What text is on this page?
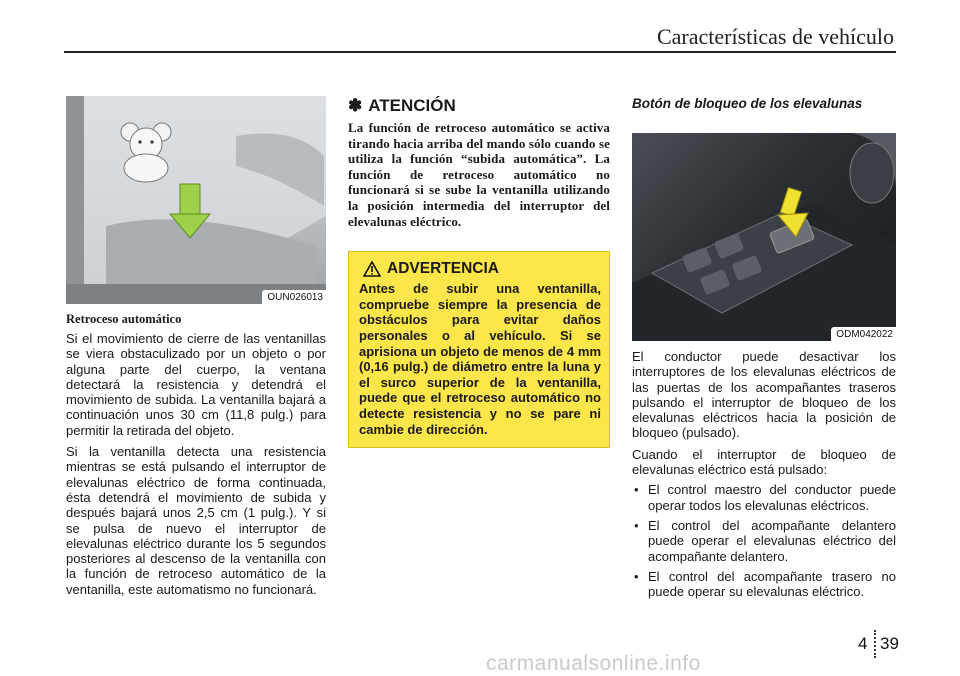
Características de vehículo
OUN026013
Retroceso automático

Si el movimiento de cierre de las ventanillas se viera obstaculizado por un objeto o por alguna parte del cuerpo, la ventana detectará la resistencia y detendrá el movimiento de subida. La ventanilla bajará a continuación unos 30 cm (11,8 pulg.) para permitir la retirada del objeto.

Si la ventanilla detecta una resistencia mientras se está pulsando el interruptor de elevalunas eléctrico de forma continuada, ésta detendrá el movimiento de subida y después bajará unos 2,5 cm (1 pulg.). Y si se pulsa de nuevo el interruptor de elevalunas eléctrico durante los 5 segundos posteriores al descenso de la ventanilla con la función de retroceso automático de la ventanilla, este automatismo no funcionará.

✽ ATENCIÓN

La función de retroceso automático se activa tirando hacia arriba del mando sólo cuando se utiliza la función “subida automática”. La función de retroceso automático no funcionará si se sube la ventanilla utilizando la posición intermedia del interruptor del elevalunas eléctrico.

ADVERTENCIA

Antes de subir una ventanilla, compruebe siempre la presencia de obstáculos para evitar daños personales o al vehículo. Si se aprisiona un objeto de menos de 4 mm (0,16 pulg.) de diámetro entre la luna y el surco superior de la ventanilla, puede que el retroceso automático no detecte resistencia y no se pare ni cambie de dirección.

Botón de bloqueo de los elevalunas
ODM042022

El conductor puede desactivar los interruptores de los elevalunas eléctricos de las puertas de los acompañantes traseros pulsando el interruptor de bloqueo de los elevalunas eléctricos hacia la posición de bloqueo (pulsado).

Cuando el interruptor de bloqueo de elevalunas eléctrico está pulsado:

• El control maestro del conductor puede operar todos los elevalunas eléctricos.
• El control del acompañante delantero puede operar el elevalunas eléctrico del acompañante delantero.
• El control del acompañante trasero no puede operar su elevalunas eléctrico.
4 39
carmanualsonline.info
